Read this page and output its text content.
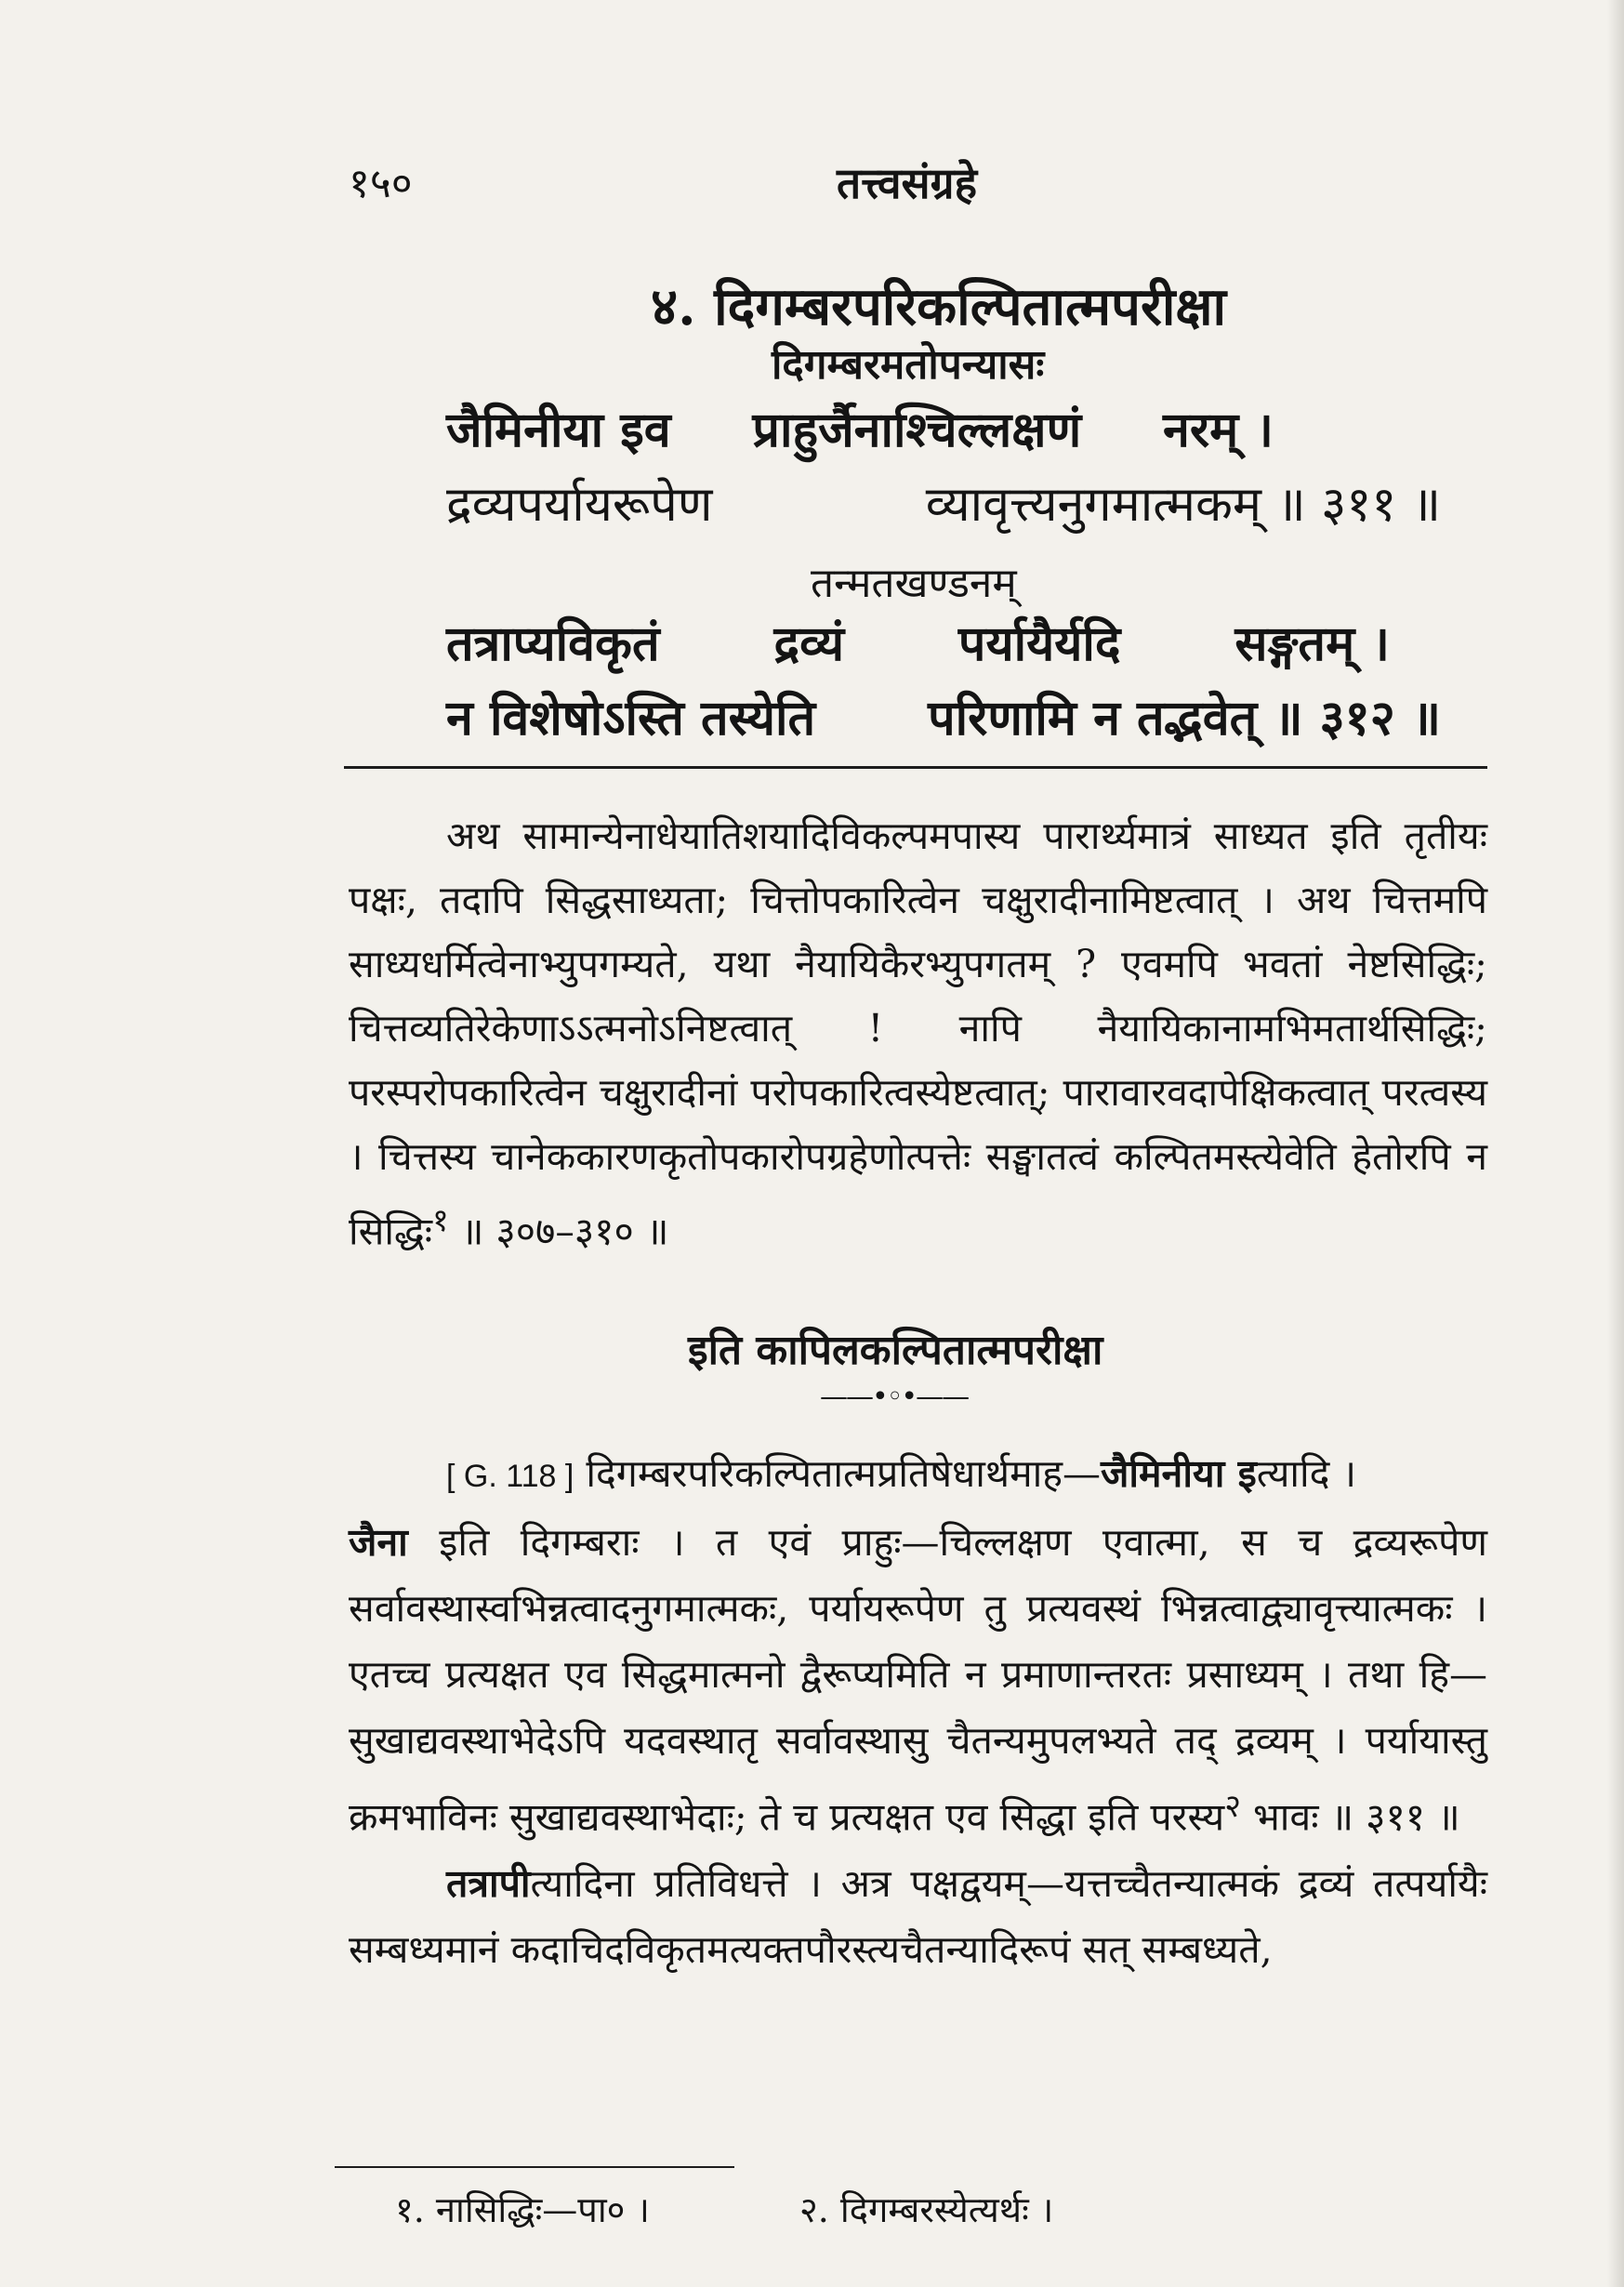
१५०	तत्त्वसंग्रहे
४. दिगम्बरपरिकल्पितात्मपरीक्षा
दिगम्बरमतोपन्यासः
जैमिनीया इव प्राहुर्जैनाश्चिल्लक्षणं नरम् ।
द्रव्यपर्यायरूपेण	व्यावृत्त्यनुगमात्मकम् ॥ ३११ ॥
तन्मतखण्डनम्
तत्राप्यविकृतं द्रव्यं पर्यायैर्यदि सङ्गतम् ।
न विशेषोऽस्ति तस्येति परिणामि न तद्भवेत् ॥ ३१२ ॥

अथ सामान्येनाधेयातिशयादिविकल्पमपास्य पारार्थ्यमात्रं साध्यत इति तृतीयः पक्षः, तदापि सिद्धसाध्यता; चित्तोपकारित्वेन चक्षुरादीनामिष्टत्वात् । अथ चित्तमपि साध्यधर्मित्वेनाभ्युपगम्यते, यथा नैयायिकैरभ्युपगतम् ? एवमपि भवतां नेष्टसिद्धिः; चित्तव्यतिरेकेणाऽऽत्मनोऽनिष्टत्वात् ! नापि नैयायिकानामभिमतार्थसिद्धिः; परस्परोपकारित्वेन चक्षुरादीनां परोपकारित्वस्येष्टत्वात्; पारावारवदापेक्षिकत्वात् परत्वस्य । चित्तस्य चानेककारणकृतोपकारोपग्रहेणोत्पत्तेः सङ्घातत्वं कल्पितमस्त्येवेति हेतोरपि न सिद्धिः$^१$ ॥ ३०७–३१० ॥

इति कापिलकल्पितात्मपरीक्षा
——•◦•——

[ G. 118 ] दिगम्बरपरिकल्पितात्मप्रतिषेधार्थमाह—जैमिनीया इत्यादि ।

जैना इति दिगम्बराः । त एवं प्राहुः—चिल्लक्षण एवात्मा, स च द्रव्यरूपेण सर्वावस्थास्वभिन्नत्वादनुगमात्मकः, पर्यायरूपेण तु प्रत्यवस्थं भिन्नत्वाद्व्यावृत्त्यात्मकः । एतच्च प्रत्यक्षत एव सिद्धमात्मनो द्वैरूप्यमिति न प्रमाणान्तरतः प्रसाध्यम् । तथा हि—सुखाद्यवस्थाभेदेऽपि यदवस्थातृ सर्वावस्थासु चैतन्यमुपलभ्यते तद् द्रव्यम् । पर्यायास्तु क्रमभाविनः सुखाद्यवस्थाभेदाः; ते च प्रत्यक्षत एव सिद्धा इति परस्य$^२$ भावः ॥ ३११ ॥

तत्रापीत्यादिना प्रतिविधत्ते । अत्र पक्षद्वयम्—यत्तच्चैतन्यात्मकं द्रव्यं तत्पर्यायैः सम्बध्यमानं कदाचिदविकृतमत्यक्तपौरस्त्यचैतन्यादिरूपं सत् सम्बध्यते,

१. नासिद्धिः—पा० ।	२. दिगम्बरस्येत्यर्थः ।
